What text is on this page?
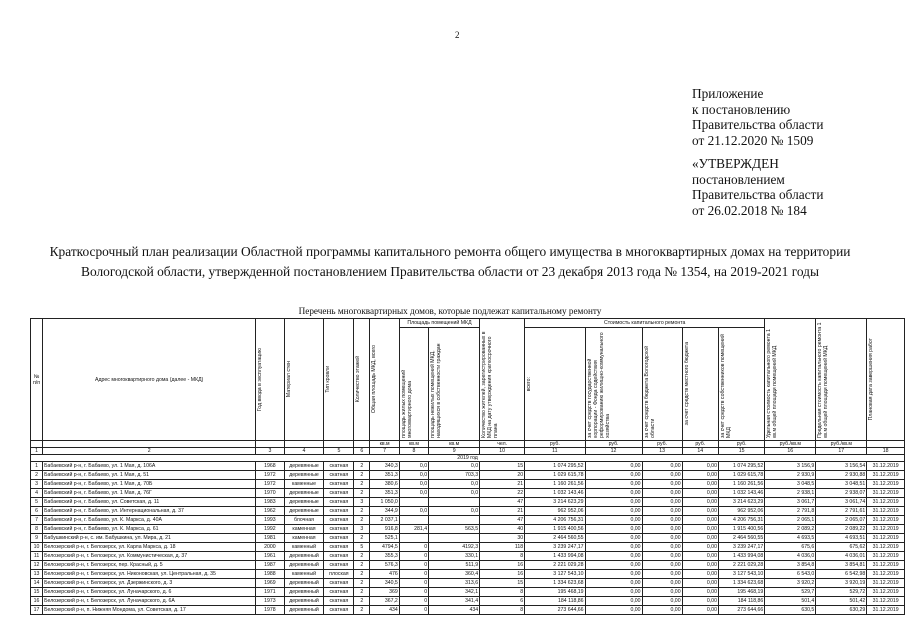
2
Приложение
к постановлению
Правительства области
от 21.12.2020 № 1509
«УТВЕРЖДЕН
постановлением
Правительства области
от 26.02.2018 № 184
Краткосрочный план реализации Областной программы капитального ремонта общего имущества в многоквартирных домах на территории Вологодской области, утвержденной постановлением Правительства области от 23 декабря 2013 года № 1354, на 2019-2021 годы
Перечень многоквартирных домов, которые подлежат капитальному ремонту
№ п/п	Адрес многоквартирного дома (далее - МКД)	Год ввода в эксплуатацию	Материал стен	Тип кровли	Количество этажей	Общая площадь МКД, всего	Площадь помещений МКД		Количество жителей, зарегистрированных в МКД на дату утверждения краткосрочного плана	Стоимость капитального ремонта					Удельная стоимость капитального ремонта 1 кв.м общей площади помещений МКД	Предельная стоимость капитального ремонта 1 кв.м общей площади помещений МКД	Плановая дата завершения работ

							площадь жилых помещений многоквартирного дома	площадь нежилых помещений МКД, находящихся в собственности граждан		всего:	за счет средств государственной корпорации - Фонда содействия реформированию жилищно-коммунального хозяйства	за счет средств бюджета Вологодской области	за счет средств местного бюджета	за счет средств собственников помещений МКД			

						кв.м	кв.м	кв.м	чел.	руб.	руб.	руб.	руб.	руб.	руб./кв.м	руб./кв.м	
1	2	3	4	5	6	7	8	9	10	11	12	13	14	15	16	17	18
2019 год																	
1	Бабаевский р-н, г. Бабаево, ул. 1 Мая, д. 106А	1968	деревянные	скатная	2	340,3	0,0	0,0	15	1 074 295,52	0,00	0,00	0,00	1 074 295,52	3 156,9	3 156,54	31.12.2019
2	Бабаевский р-н, г. Бабаево, ул. 1 Мая, д. 51	1972	деревянные	скатная	2	351,3	0,0	703,3	20	1 029 615,78	0,00	0,00	0,00	1 029 615,78	2 930,9	2 930,88	31.12.2019
3	Бабаевский р-н, г. Бабаево, ул. 1 Мая, д. 70Б	1972	каменные	скатная	2	380,6	0,0	0,0	21	1 160 261,56	0,00	0,00	0,00	1 160 261,56	3 048,5	3 048,51	31.12.2019
4	Бабаевский р-н, г. Бабаево, ул. 1 Мая, д. 76Г	1970	деревянные	скатная	2	351,3	0,0	0,0	22	1 032 143,46	0,00	0,00	0,00	1 032 143,46	2 938,1	2 938,07	31.12.2019
5	Бабаевский р-н, г. Бабаево, ул. Советская, д. 11	1983	деревянные	скатная	3	1 050,0			47	3 214 623,29	0,00	0,00	0,00	3 214 623,29	3 061,7	3 061,74	31.12.2019
6	Бабаевский р-н, г. Бабаево, ул. Интернациональная, д. 37	1962	деревянные	скатная	2	344,9	0,0	0,0	21	962 952,06	0,00	0,00	0,00	962 952,06	2 791,8	2 791,61	31.12.2019
7	Бабаевский р-н, г. Бабаево, ул. К. Маркса, д. 40А	1993	блочная	скатная	2	2 037,1			47	4 206 756,31	0,00	0,00	0,00	4 206 756,31	2 065,1	2 065,07	31.12.2019
8	Бабаевский р-н, г. Бабаево, ул. К. Маркса, д. 61	1992	каменная	скатная	3	916,8	281,4	563,5	40	1 915 400,56	0,00	0,00	0,00	1 915 400,56	2 089,2	2 089,22	31.12.2019
9	Бабушкинский р-н, с. им. Бабушкина, ул. Мира, д. 21	1981	каменная	скатная	2	525,1			30	2 464 560,55	0,00	0,00	0,00	2 464 560,55	4 693,5	4 693,51	31.12.2019
10	Белозерский р-н, г. Белозерск, ул. Карла Маркса, д. 18	2000	каменный	скатная	5	4794,5	0	4192,3	118	3 239 247,17	0,00	0,00	0,00	3 239 247,17	675,6	675,62	31.12.2019
11	Белозерский р-н, г. Белозерск, ул. Коммунистическая, д. 37	1961	деревянный	скатная	2	355,3	0	330,1	8	1 433 994,08	0,00	0,00	0,00	1 433 994,08	4 036,0	4 036,01	31.12.2019
12	Белозерский р-н, г. Белозерск, пер. Красный, д. 5	1987	деревянный	скатная	2	576,3	0	511,9	16	2 221 029,28	0,00	0,00	0,00	2 221 029,28	3 854,8	3 854,81	31.12.2019
13	Белозерский р-н, г. Белозерск, ул. Никоновская, ул. Центральная, д. 35	1988	каменный	плоская	2	476	0	360,4	16	3 127 543,10	0,00	0,00	0,00	3 127 543,10	6 543,0	6 542,98	31.12.2019
14	Белозерский р-н, г. Белозерск, ул. Дзержинского, д. 3	1969	деревянный	скатная	2	340,5	0	313,6	15	1 334 623,68	0,00	0,00	0,00	1 334 623,68	3 920,2	3 920,19	31.12.2019
15	Белозерский р-н, г. Белозерск, ул. Луначарского, д. 6	1971	деревянный	скатная	2	369	0	342,1	8	195 468,19	0,00	0,00	0,00	195 468,19	529,7	529,72	31.12.2019
16	Белозерский р-н, г. Белозерск, ул. Луначарского, д. 6А	1973	деревянный	скатная	2	367,2	0	341,4	6	184 118,86	0,00	0,00	0,00	184 118,86	501,4	501,42	31.12.2019
17	Белозерский р-н, п. Нижняя Мондома, ул. Советская, д. 17	1978	деревянный	скатная	2	434	0	434	8	273 644,66	0,00	0,00	0,00	273 644,66	630,5	630,29	31.12.2019
